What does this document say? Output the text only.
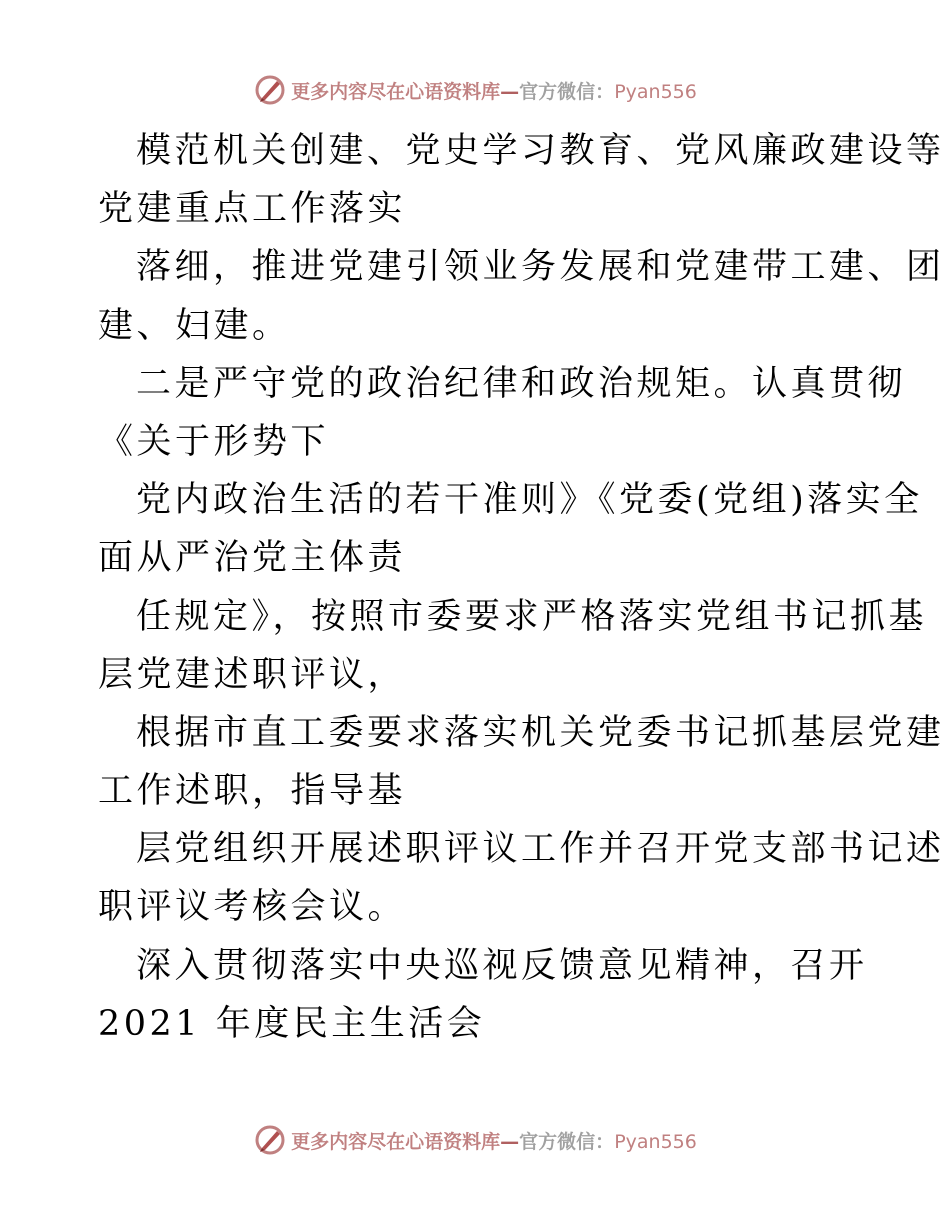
更多内容尽在心语资料库—官方微信：Pyan556
模范机关创建、党史学习教育、党风廉政建设等
党建重点工作落实
落细，推进党建引领业务发展和党建带工建、团
建、妇建。
二是严守党的政治纪律和政治规矩。认真贯彻
《关于形势下
党内政治生活的若干准则》《党委(党组)落实全
面从严治党主体责
任规定》，按照市委要求严格落实党组书记抓基
层党建述职评议，
根据市直工委要求落实机关党委书记抓基层党建
工作述职，指导基
层党组织开展述职评议工作并召开党支部书记述
职评议考核会议。
深入贯彻落实中央巡视反馈意见精神，召开
2021 年度民主生活会
更多内容尽在心语资料库—官方微信：Pyan556
